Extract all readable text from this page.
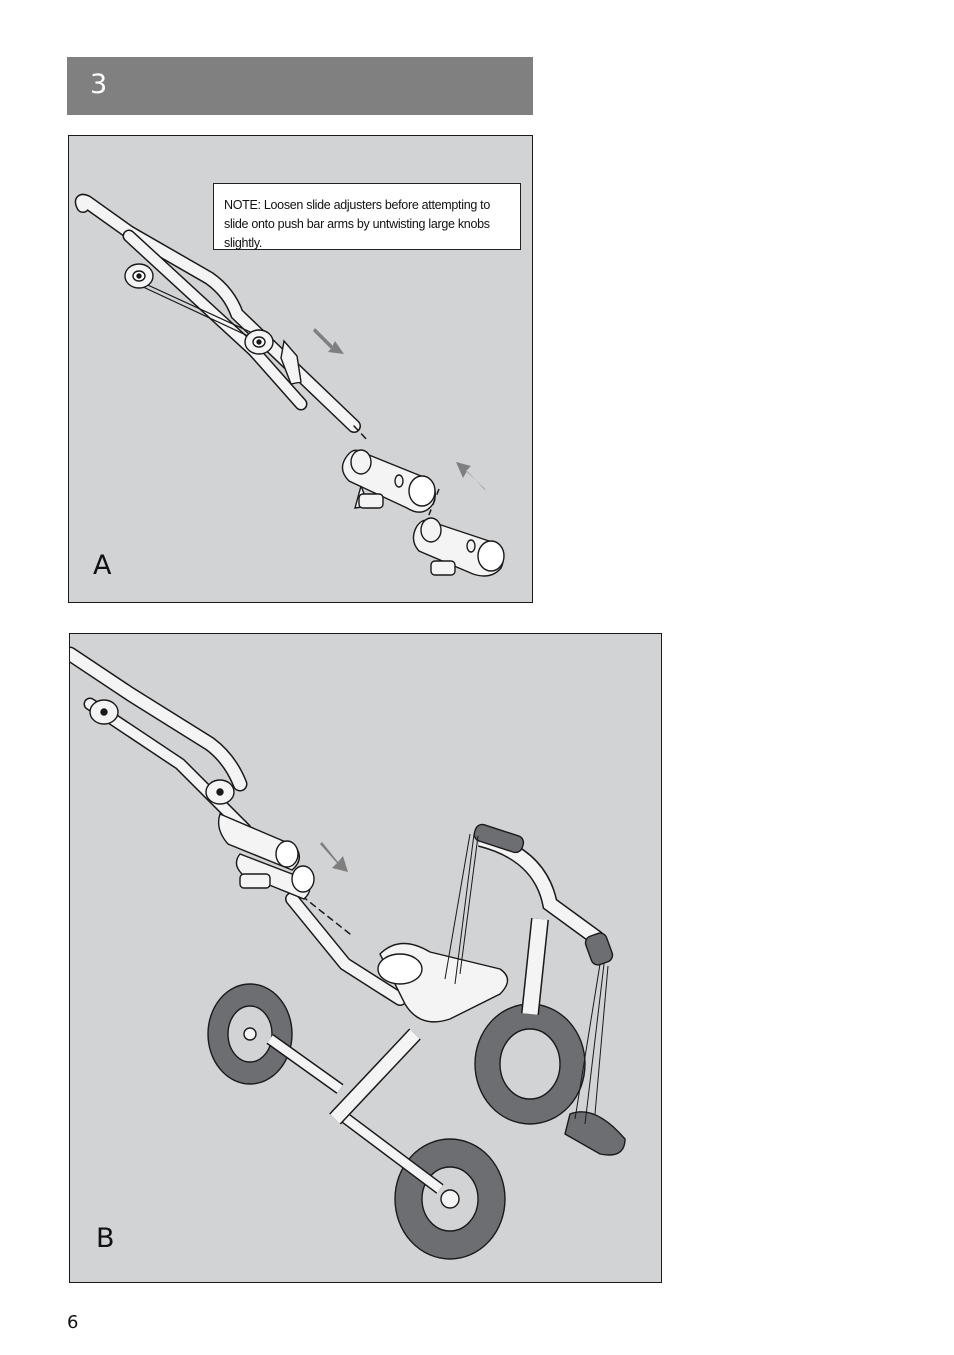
3
NOTE: Loosen slide adjusters before attempting to slide onto push bar arms by untwisting large knobs slightly.
A
B
6
